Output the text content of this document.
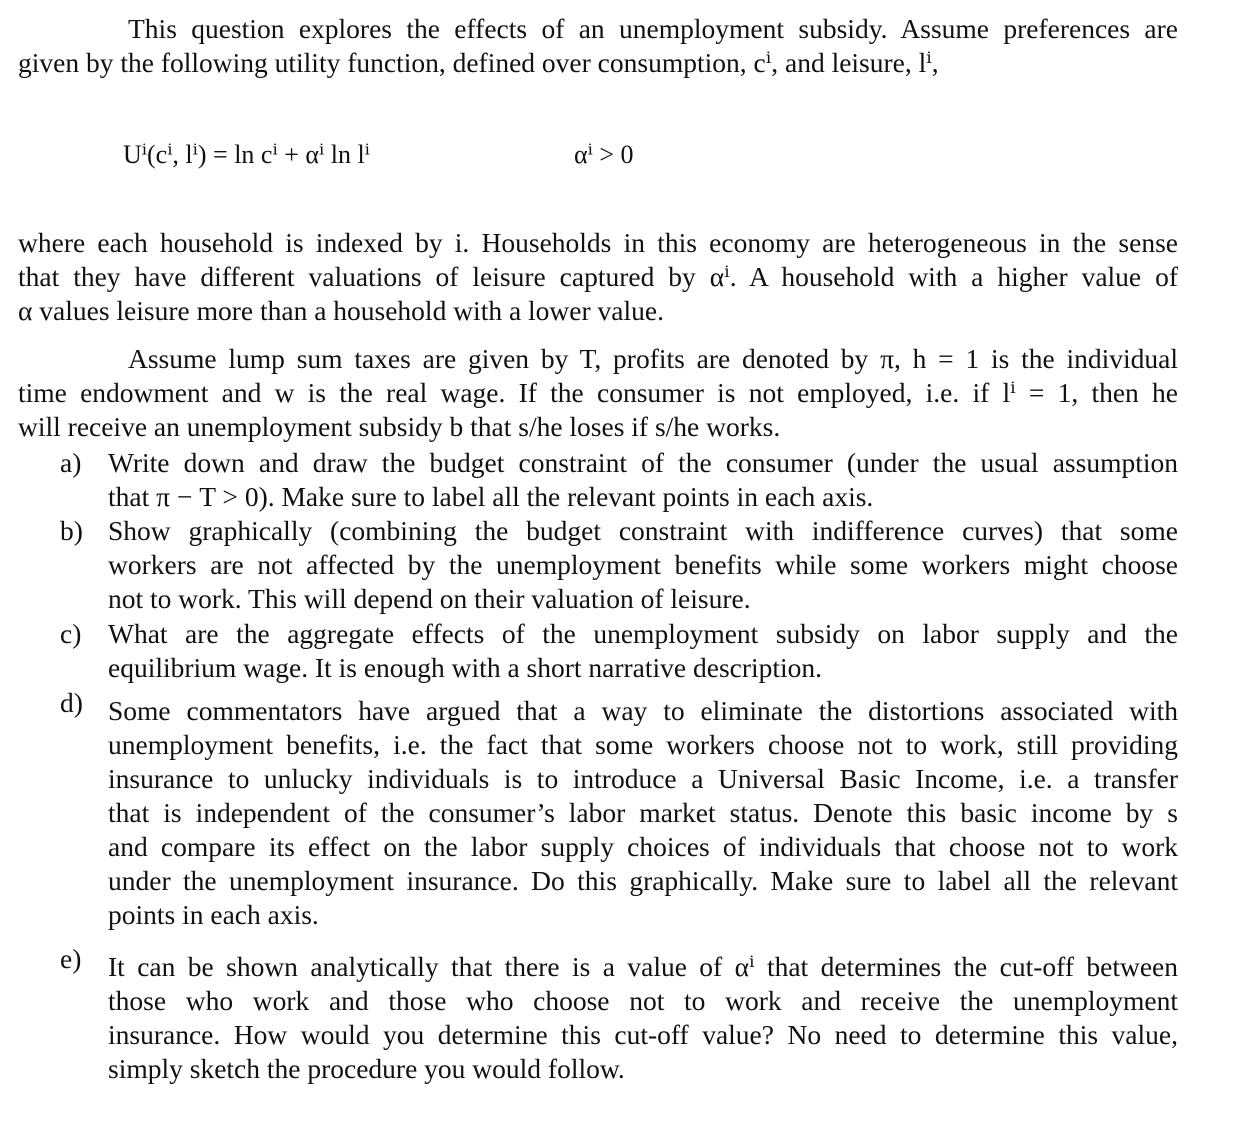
This question explores the effects of an unemployment subsidy. Assume preferences are
given by the following utility function, defined over consumption, cⁱ, and leisure, lⁱ,
Uⁱ(cⁱ, lⁱ) = ln cⁱ + αⁱ ln lⁱ	αⁱ > 0
where each household is indexed by i. Households in this economy are heterogeneous in the sense
that they have different valuations of leisure captured by αⁱ. A household with a higher value of
α values leisure more than a household with a lower value.
Assume lump sum taxes are given by T, profits are denoted by π, h = 1 is the individual
time endowment and w is the real wage. If the consumer is not employed, i.e. if lⁱ = 1, then he
will receive an unemployment subsidy b that s/he loses if s/he works.
a) Write down and draw the budget constraint of the consumer (under the usual assumption
that π − T > 0). Make sure to label all the relevant points in each axis.
b) Show graphically (combining the budget constraint with indifference curves) that some
workers are not affected by the unemployment benefits while some workers might choose
not to work. This will depend on their valuation of leisure.
c) What are the aggregate effects of the unemployment subsidy on labor supply and the
equilibrium wage. It is enough with a short narrative description.
d) Some commentators have argued that a way to eliminate the distortions associated with
unemployment benefits, i.e. the fact that some workers choose not to work, still providing
insurance to unlucky individuals is to introduce a Universal Basic Income, i.e. a transfer
that is independent of the consumer’s labor market status. Denote this basic income by s
and compare its effect on the labor supply choices of individuals that choose not to work
under the unemployment insurance. Do this graphically. Make sure to label all the relevant
points in each axis.
e) It can be shown analytically that there is a value of αⁱ that determines the cut-off between
those who work and those who choose not to work and receive the unemployment
insurance. How would you determine this cut-off value? No need to determine this value,
simply sketch the procedure you would follow.
